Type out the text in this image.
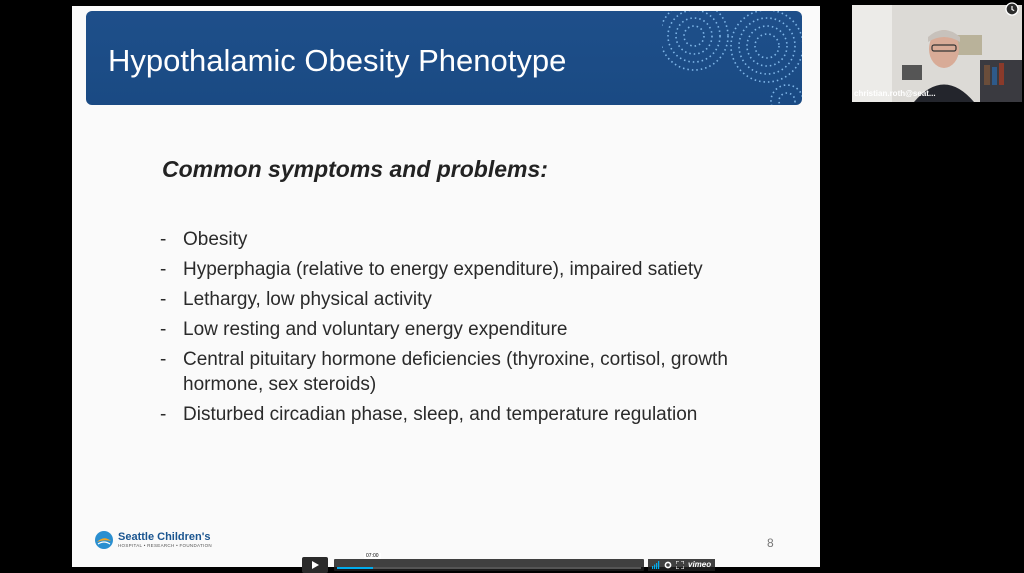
Hypothalamic Obesity Phenotype
Common symptoms and problems:
- Obesity
- Hyperphagia (relative to energy expenditure), impaired satiety
- Lethargy, low physical activity
- Low resting and voluntary energy expenditure
- Central pituitary hormone deficiencies (thyroxine, cortisol, growth hormone, sex steroids)
- Disturbed circadian phase, sleep, and temperature regulation
Seattle Children's
HOSPITAL • RESEARCH • FOUNDATION	8
07:00
vimeo
christian.roth@seat...
